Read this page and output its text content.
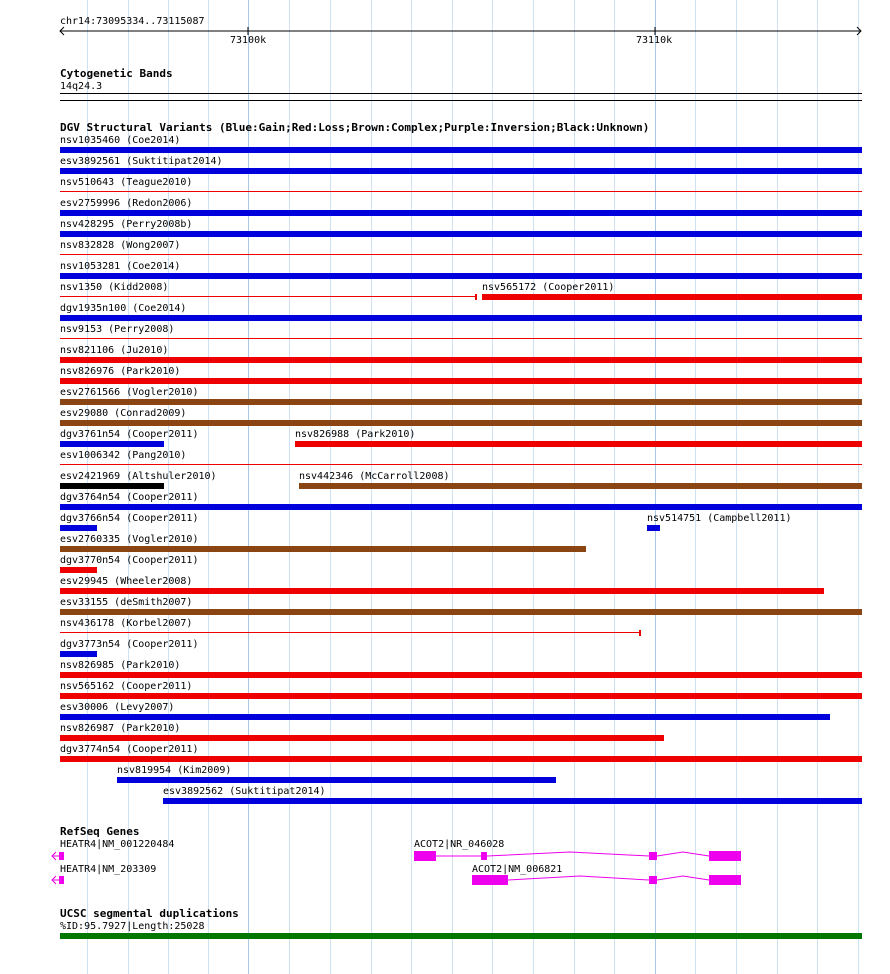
chr14:73095334..73115087
73100k	73110k
Cytogenetic Bands
14q24.3
DGV Structural Variants (Blue:Gain;Red:Loss;Brown:Complex;Purple:Inversion;Black:Unknown)
nsv1035460 (Coe2014)
esv3892561 (Suktitipat2014)
nsv510643 (Teague2010)
esv2759996 (Redon2006)
nsv428295 (Perry2008b)
nsv832828 (Wong2007)
nsv1053281 (Coe2014)
nsv1350 (Kidd2008)	nsv565172 (Cooper2011)
dgv1935n100 (Coe2014)
nsv9153 (Perry2008)
nsv821106 (Ju2010)
nsv826976 (Park2010)
esv2761566 (Vogler2010)
esv29080 (Conrad2009)
dgv3761n54 (Cooper2011)	nsv826988 (Park2010)
esv1006342 (Pang2010)
esv2421969 (Altshuler2010)	nsv442346 (McCarroll2008)
dgv3764n54 (Cooper2011)
dgv3766n54 (Cooper2011)	nsv514751 (Campbell2011)
esv2760335 (Vogler2010)
dgv3770n54 (Cooper2011)
esv29945 (Wheeler2008)
esv33155 (deSmith2007)
nsv436178 (Korbel2007)
dgv3773n54 (Cooper2011)
nsv826985 (Park2010)
nsv565162 (Cooper2011)
esv30006 (Levy2007)
nsv826987 (Park2010)
dgv3774n54 (Cooper2011)
nsv819954 (Kim2009)
esv3892562 (Suktitipat2014)
RefSeq Genes
HEATR4|NM_001220484	ACOT2|NR_046028
HEATR4|NM_203309	ACOT2|NM_006821
UCSC segmental duplications
%ID:95.7927|Length:25028
